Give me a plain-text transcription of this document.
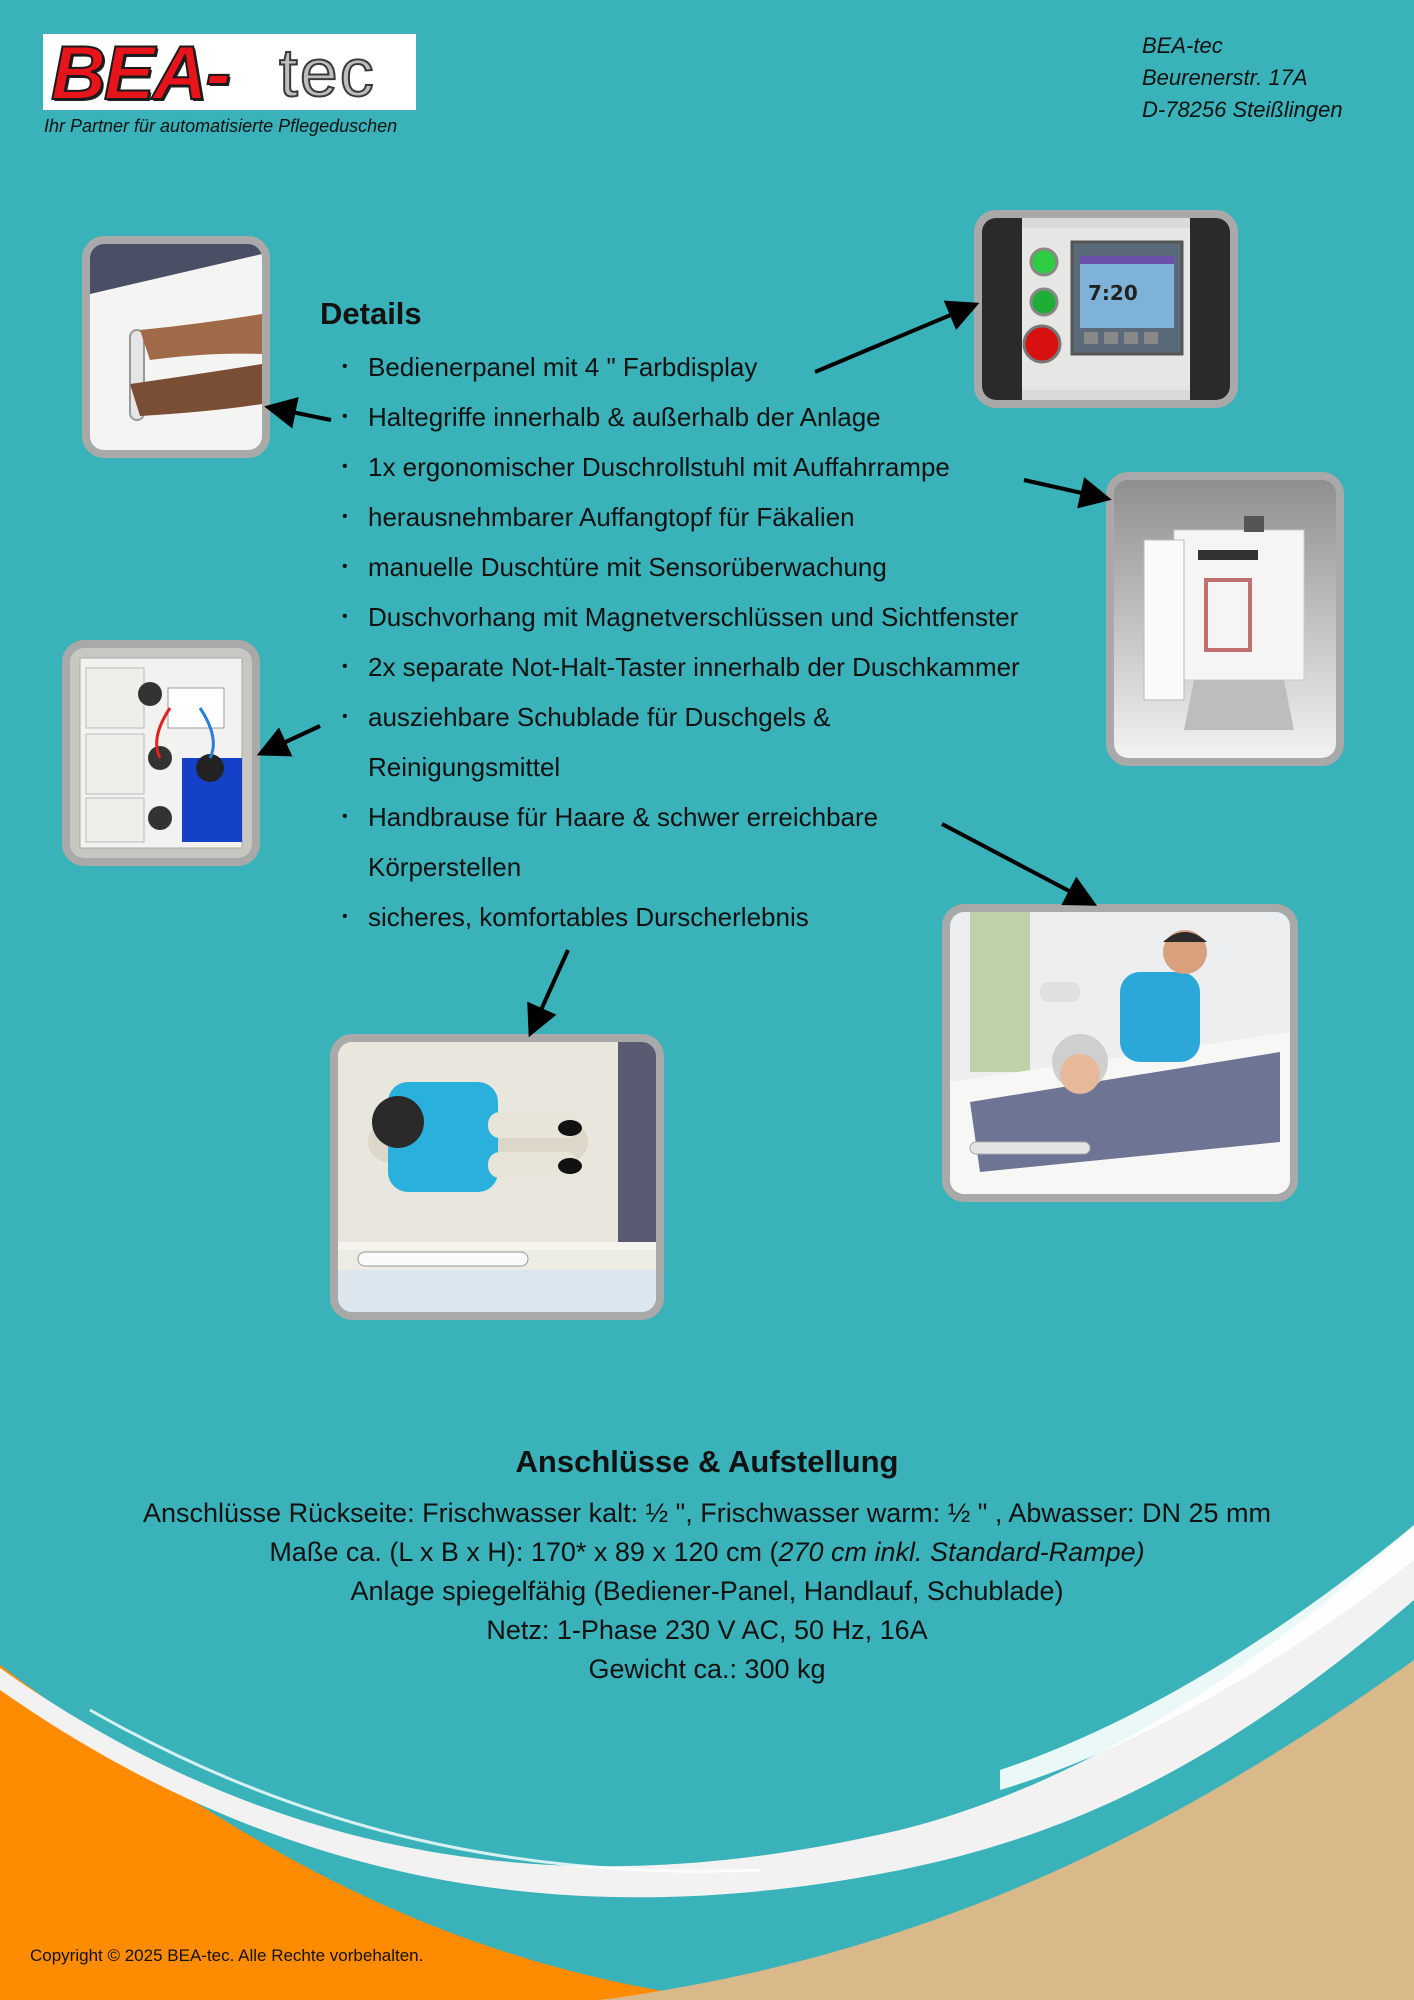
BEA- tec
Ihr Partner für automatisierte Pflegeduschen
BEA-tec
Beurenerstr. 17A
D-78256 Steißlingen
7:20
Details
• Bedienerpanel mit 4 " Farbdisplay
• Haltegriffe innerhalb & außerhalb der Anlage
• 1x ergonomischer Duschrollstuhl mit Auffahrrampe
• herausnehmbarer Auffangtopf für Fäkalien
• manuelle Duschtüre mit Sensorüberwachung
• Duschvorhang mit Magnetverschlüssen und Sichtfenster
• 2x separate Not-Halt-Taster innerhalb der Duschkammer
• ausziehbare Schublade für Duschgels &
Reinigungsmittel
• Handbrause für Haare & schwer erreichbare
Körperstellen
• sicheres, komfortables Durscherlebnis
Anschlüsse & Aufstellung
Anschlüsse Rückseite: Frischwasser kalt: ½ ", Frischwasser warm: ½ " , Abwasser: DN 25 mm
Maße ca. (L x B x H): 170* x 89 x 120 cm (270 cm inkl. Standard-Rampe)
Anlage spiegelfähig (Bediener-Panel, Handlauf, Schublade)
Netz: 1-Phase 230 V AC, 50 Hz, 16A
Gewicht ca.: 300 kg
Copyright © 2025 BEA-tec. Alle Rechte vorbehalten.
